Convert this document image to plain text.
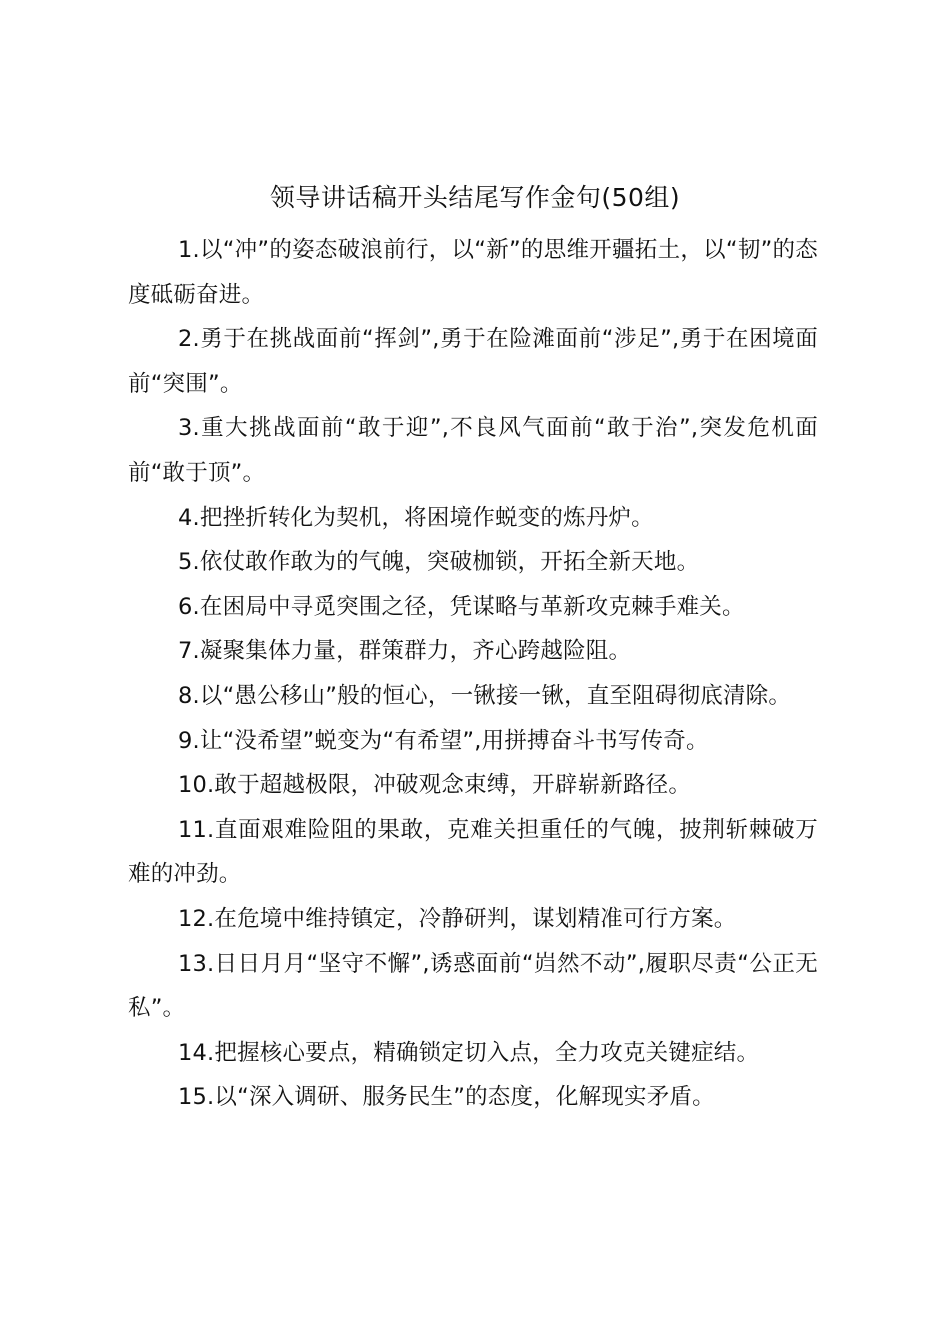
领导讲话稿开头结尾写作金句(50组)

1.以“冲”的姿态破浪前行，以“新”的思维开疆拓土，以“韧”的态度砥砺奋进。

2.勇于在挑战面前“挥剑”,勇于在险滩面前“涉足”,勇于在困境面前“突围”。

3.重大挑战面前“敢于迎”,不良风气面前“敢于治”,突发危机面前“敢于顶”。

4.把挫折转化为契机，将困境作蜕变的炼丹炉。

5.依仗敢作敢为的气魄，突破枷锁，开拓全新天地。

6.在困局中寻觅突围之径，凭谋略与革新攻克棘手难关。

7.凝聚集体力量，群策群力，齐心跨越险阻。

8.以“愚公移山”般的恒心，一锹接一锹，直至阻碍彻底清除。

9.让“没希望”蜕变为“有希望”,用拼搏奋斗书写传奇。

10.敢于超越极限，冲破观念束缚，开辟崭新路径。

11.直面艰难险阻的果敢，克难关担重任的气魄，披荆斩棘破万难的冲劲。

12.在危境中维持镇定，冷静研判，谋划精准可行方案。

13.日日月月“坚守不懈”,诱惑面前“岿然不动”,履职尽责“公正无私”。

14.把握核心要点，精确锁定切入点，全力攻克关键症结。

15.以“深入调研、服务民生”的态度，化解现实矛盾。
